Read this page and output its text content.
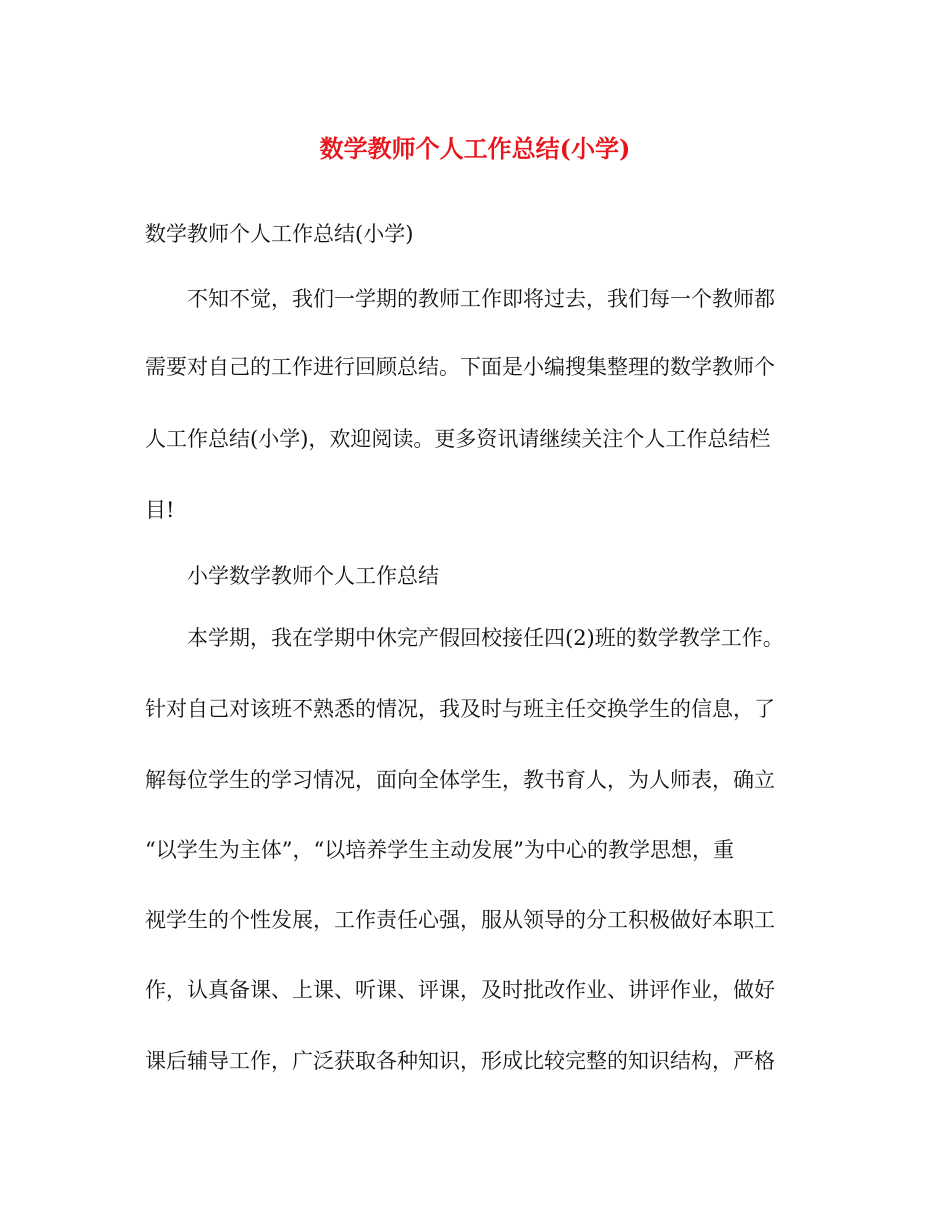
数学教师个人工作总结(小学)
数学教师个人工作总结(小学)
不知不觉，我们一学期的教师工作即将过去，我们每一个教师都
需要对自己的工作进行回顾总结。下面是小编搜集整理的数学教师个
人工作总结(小学)，欢迎阅读。更多资讯请继续关注个人工作总结栏
目!
小学数学教师个人工作总结
本学期，我在学期中休完产假回校接任四(2)班的数学教学工作。
针对自己对该班不熟悉的情况，我及时与班主任交换学生的信息，了
解每位学生的学习情况，面向全体学生，教书育人，为人师表，确立
“以学生为主体”，“以培养学生主动发展”为中心的教学思想，重
视学生的个性发展，工作责任心强，服从领导的分工积极做好本职工
作，认真备课、上课、听课、评课，及时批改作业、讲评作业，做好
课后辅导工作，广泛获取各种知识，形成比较完整的知识结构，严格
